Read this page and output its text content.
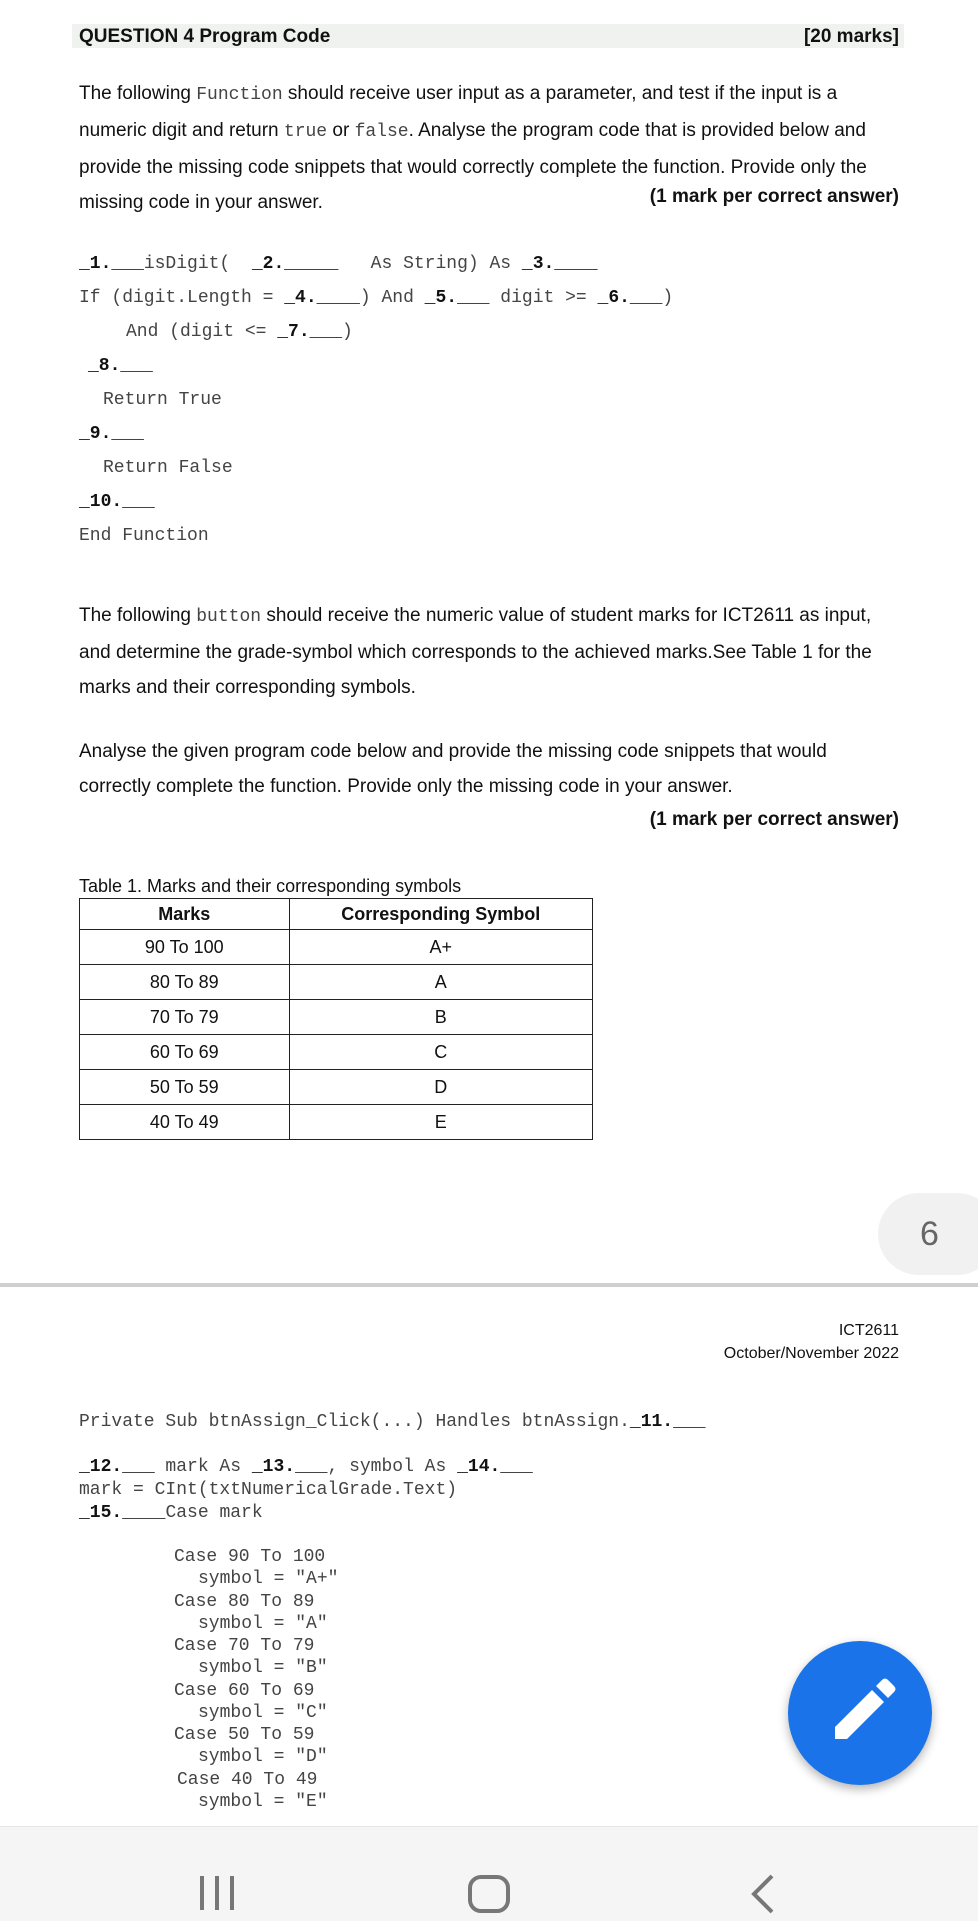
QUESTION 4 Program Code	[20 marks]
The following Function should receive user input as a parameter, and test if the input is a numeric digit and return true or false. Analyse the program code that is provided below and provide the missing code snippets that would correctly complete the function. Provide only the missing code in your answer.	(1 mark per correct answer)
_1.___isDigit( _2._____   As String) As _3.____
If (digit.Length = _4.____) And _5.___ digit >= _6.___)
And (digit <= _7.___)
_8.___
Return True
_9.___
Return False
_10.___
End Function
The following button should receive the numeric value of student marks for ICT2611 as input, and determine the grade-symbol which corresponds to the achieved marks.See Table 1 for the marks and their corresponding symbols.
Analyse the given program code below and provide the missing code snippets that would correctly complete the function. Provide only the missing code in your answer.
(1 mark per correct answer)
Table 1. Marks and their corresponding symbols
Marks	Corresponding Symbol
90 To 100	A+
80 To 89	A
70 To 79	B
60 To 69	C
50 To 59	D
40 To 49	E
6
ICT2611
October/November 2022
Private Sub btnAssign_Click(...) Handles btnAssign._11.___
_12.___ mark As _13.___, symbol As _14.___
mark = CInt(txtNumericalGrade.Text)
_15.____Case mark
Case 90 To 100
symbol = "A+"
Case 80 To 89
symbol = "A"
Case 70 To 79
symbol = "B"
Case 60 To 69
symbol = "C"
Case 50 To 59
symbol = "D"
Case 40 To 49
symbol = "E"
